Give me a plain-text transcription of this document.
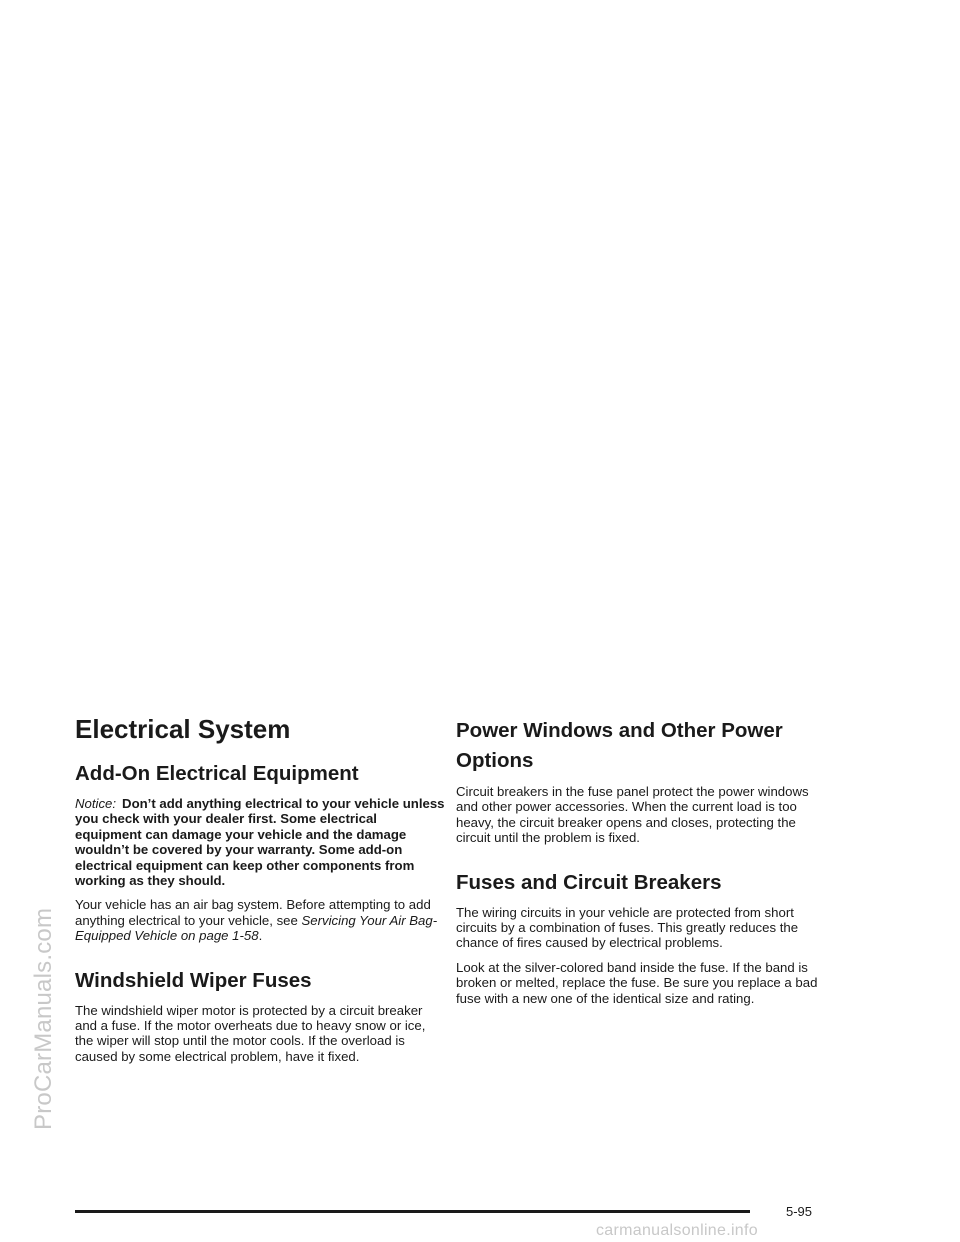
ProCarManuals.com
Electrical System
Add-On Electrical Equipment

Notice: Don’t add anything electrical to your vehicle unless you check with your dealer first. Some electrical equipment can damage your vehicle and the damage wouldn’t be covered by your warranty. Some add-on electrical equipment can keep other components from working as they should.

Your vehicle has an air bag system. Before attempting to add anything electrical to your vehicle, see Servicing Your Air Bag-Equipped Vehicle on page 1-58.

Windshield Wiper Fuses

The windshield wiper motor is protected by a circuit breaker and a fuse. If the motor overheats due to heavy snow or ice, the wiper will stop until the motor cools. If the overload is caused by some electrical problem, have it fixed.

Power Windows and Other Power Options

Circuit breakers in the fuse panel protect the power windows and other power accessories. When the current load is too heavy, the circuit breaker opens and closes, protecting the circuit until the problem is fixed.

Fuses and Circuit Breakers

The wiring circuits in your vehicle are protected from short circuits by a combination of fuses. This greatly reduces the chance of fires caused by electrical problems.

Look at the silver-colored band inside the fuse. If the band is broken or melted, replace the fuse. Be sure you replace a bad fuse with a new one of the identical size and rating.

5-95
carmanualsonline.info
